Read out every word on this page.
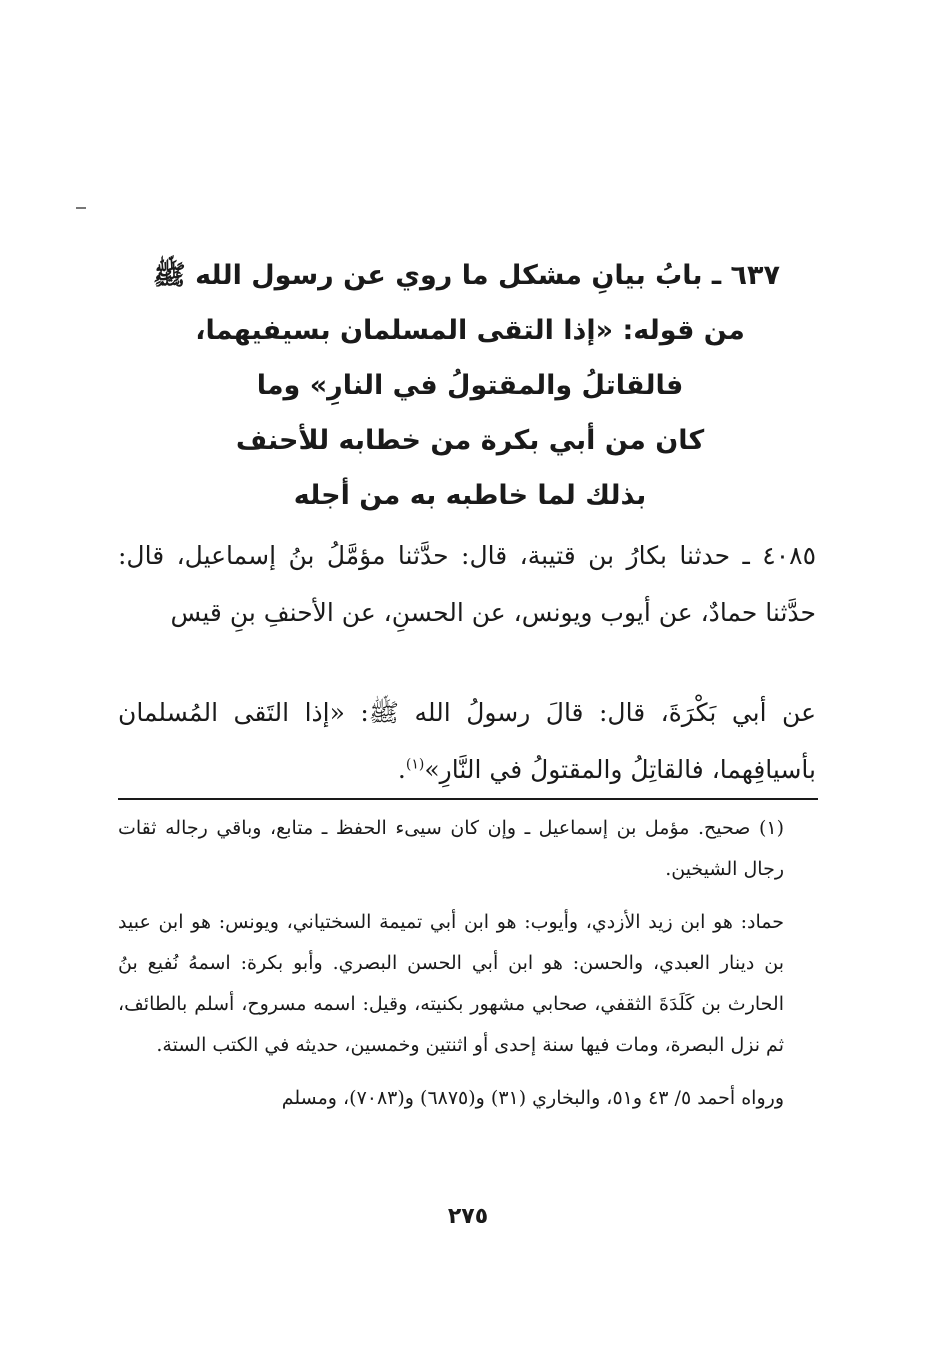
٦٣٧ ـ بابُ بيانِ مشكل ما روي عن رسول الله ﷺ
من قوله: «إذا التقى المسلمان بسيفيهما،
فالقاتلُ والمقتولُ في النارِ» وما
كان من أبي بكرة من خطابه للأحنف
بذلك لما خاطبه به من أجله
٤٠٨٥ ـ حدثنا بكارُ بن قتيبة، قال: حدَّثنا مؤمَّلُ بنُ إسماعيل، قال: حدَّثنا حمادٌ، عن أيوب ويونس، عن الحسنِ، عن الأحنفِ بنِ قيس
عن أبي بَكْرَةَ، قال: قالَ رسولُ الله ﷺ: «إذا التَقى المُسلمان بأسيافِهما، فالقاتِلُ والمقتولُ في النَّارِ»$^{(١)}$.

(١) صحيح. مؤمل بن إسماعيل ـ وإن كان سيىء الحفظ ـ متابع، وباقي رجاله ثقات رجال الشيخين.

حماد: هو ابن زيد الأزدي، وأيوب: هو ابن أبي تميمة السختياني، ويونس: هو ابن عبيد بن دينار العبدي، والحسن: هو ابن أبي الحسن البصري. وأبو بكرة: اسمهُ نُفيع بنُ الحارث بن كَلَدَةَ الثقفي، صحابي مشهور بكنيته، وقيل: اسمه مسروح، أسلم بالطائف، ثم نزل البصرة، ومات فيها سنة إحدى أو اثنتين وخمسين، حديثه في الكتب الستة.

ورواه أحمد ٥/ ٤٣ و٥١، والبخاري (٣١) و(٦٨٧٥) و(٧٠٨٣)، ومسلم

٢٧٥
